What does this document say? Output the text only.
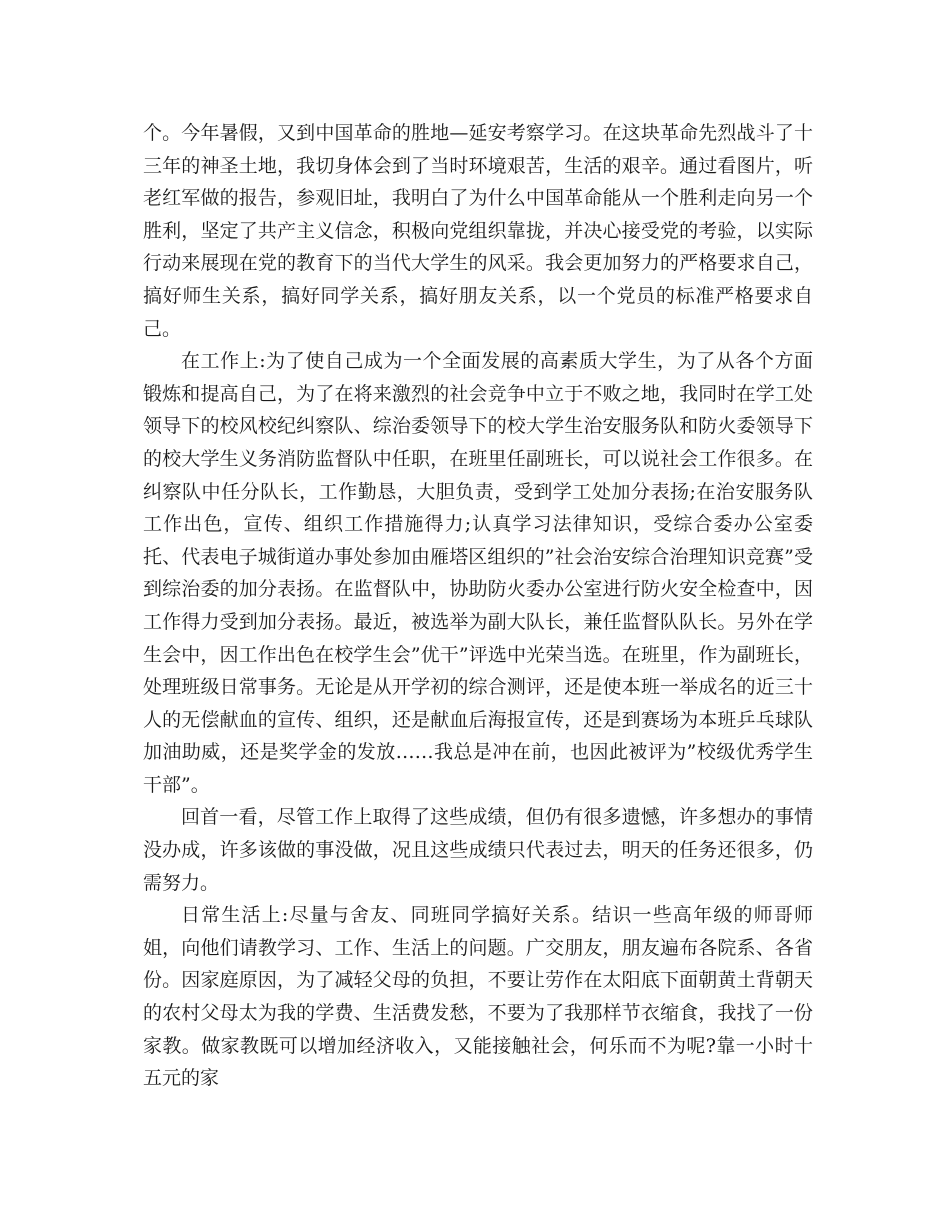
个。今年暑假，又到中国革命的胜地—延安考察学习。在这块革命先烈战斗了十三年的神圣土地，我切身体会到了当时环境艰苦，生活的艰辛。通过看图片，听老红军做的报告，参观旧址，我明白了为什么中国革命能从一个胜利走向另一个胜利，坚定了共产主义信念，积极向党组织靠拢，并决心接受党的考验，以实际行动来展现在党的教育下的当代大学生的风采。我会更加努力的严格要求自己，搞好师生关系，搞好同学关系，搞好朋友关系，以一个党员的标准严格要求自己。

在工作上:为了使自己成为一个全面发展的高素质大学生，为了从各个方面锻炼和提高自己，为了在将来激烈的社会竞争中立于不败之地，我同时在学工处领导下的校风校纪纠察队、综治委领导下的校大学生治安服务队和防火委领导下的校大学生义务消防监督队中任职，在班里任副班长，可以说社会工作很多。在纠察队中任分队长，工作勤恳，大胆负责，受到学工处加分表扬;在治安服务队工作出色，宣传、组织工作措施得力;认真学习法律知识，受综合委办公室委托、代表电子城街道办事处参加由雁塔区组织的”社会治安综合治理知识竞赛”受到综治委的加分表扬。在监督队中，协助防火委办公室进行防火安全检查中，因工作得力受到加分表扬。最近，被选举为副大队长，兼任监督队队长。另外在学生会中，因工作出色在校学生会”优干”评选中光荣当选。在班里，作为副班长，处理班级日常事务。无论是从开学初的综合测评，还是使本班一举成名的近三十人的无偿献血的宣传、组织，还是献血后海报宣传，还是到赛场为本班乒乓球队加油助威，还是奖学金的发放……我总是冲在前，也因此被评为”校级优秀学生干部”。

回首一看，尽管工作上取得了这些成绩，但仍有很多遗憾，许多想办的事情没办成，许多该做的事没做，况且这些成绩只代表过去，明天的任务还很多，仍需努力。

日常生活上:尽量与舍友、同班同学搞好关系。结识一些高年级的师哥师姐，向他们请教学习、工作、生活上的问题。广交朋友，朋友遍布各院系、各省份。因家庭原因，为了减轻父母的负担，不要让劳作在太阳底下面朝黄土背朝天的农村父母太为我的学费、生活费发愁，不要为了我那样节衣缩食，我找了一份家教。做家教既可以增加经济收入，又能接触社会，何乐而不为呢?靠一小时十五元的家
